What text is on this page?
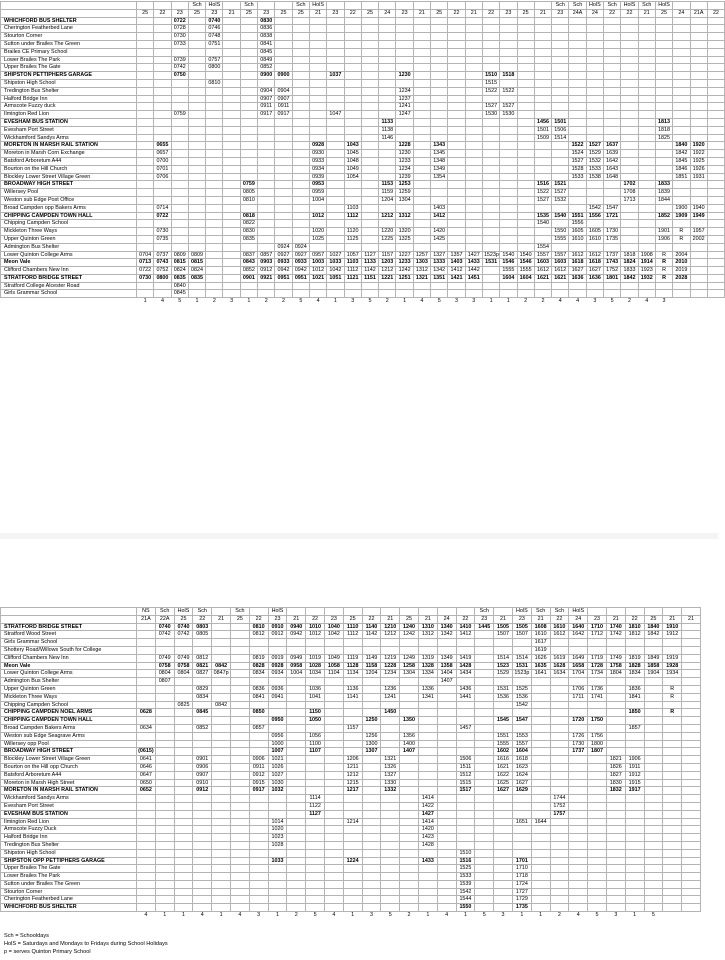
				Sch	HolS		Sch			Sch	HolS														Sch	Sch	HolS	Sch	HolS	Sch	HolS					
	25	22	23	25	23	21	25	23	25	25	21	23	22	25	24	23	21	25	22	21	22	23	25	21	23	24A	24	22	22	21	25	24	21A	22	
WHICHFORD BUS SHELTER			0722		0740			0830																											
Cherington Featherbed Lane			0728		0746			0836																											
Stourton Corner			0730		0748			0838																											
Sutton under Brailes The Green			0733		0751			0841																											
Brailes CE Primary School								0845																											
Lower Brailes The Park			0739		0757			0849																											
Upper Brailes The Gate			0742		0800			0852																											
SHIPSTON PETTIPHERS GARAGE			0750					0900	0900			1037				1230					1510	1518													
Shipston High School					0810																1515														
Tredington Bus Shelter								0904	0904							1234					1522	1522													
Halford Bridge Inn								0907	0907							1237																			
Armscote Fuzzy duck								0911	0911							1241					1527	1527													
Ilmington Red Lion			0759					0917	0917			1047				1247					1530	1530													
EVESHAM BUS STATION															1133									1456	1501						1813				
Evesham Port Street															1138									1501	1506						1818				
Wickhamford Sandys Arms															1146									1509	1514						1825				
MORETON IN MARSH RAIL STATION		0655									0928		1043			1228		1343								1522	1527	1637				1840	1920		
Moreton in Marsh Corn Exchange		0657									0930		1045			1230		1345								1524	1529	1639				1842	1922		
Batsford Arboretum A44		0700									0933		1048			1233		1348								1527	1532	1642				1845	1925		
Bourton on the Hill Church		0701									0934		1049			1234		1349								1528	1533	1643				1846	1926		
Blockley Lower Street Village Green		0706									0939		1054			1239		1354								1533	1538	1648				1851	1931		
BROADWAY HIGH STREET							0759				0953				1153	1253								1516	1521				1702		1833				
Willersey Pool							0805				0959				1159	1259								1522	1527				1708		1839				
Weston sub Edge Post Office							0810				1004				1204	1304								1527	1532				1713		1844				
Broad Campden opp Bakers Arms		0714											1103					1403									1542	1547				1900	1940		
CHIPPING CAMPDEN TOWN HALL		0722					0818				1012		1112		1212	1312		1412						1535	1540	1551	1556	1721			1852	1909	1949		
Chipping Campden School							0822																	1540		1556									
Mickleton Three Ways		0730					0830				1020		1120		1220	1320		1420							1550	1605	1605	1730			1901	R	1957		
Upper Quinton Green		0735					0835				1025		1125		1225	1325		1425							1555	1610	1610	1735			1906	R	2002		
Admington Bus Shelter									0924	0924														1554											
Lower Quinton College Arms	0704	0737	0809	0809			0837	0857	0927	0927	0957	1027	1057	1127	1157	1227	1257	1327	1357	1427	1523p	1540	1540	1557	1557	1612	1612	1737	1818	1908	R	2004			
Meon Vale	0713	0743	0815	0815			0843	0903	0933	0933	1003	1033	1103	1133	1203	1233	1303	1333	1403	1433	1531	1546	1546	1603	1603	1618	1618	1743	1824	1914	R	2010			
Clifford Chambers New Inn	0722	0752	0824	0824			0852	0912	0942	0942	1012	1042	1112	1142	1212	1242	1312	1342	1412	1442		1555	1555	1612	1612	1627	1627	1752	1833	1923	R	2019			
STRATFORD BRIDGE STREET	0730	0800	0835	0835			0901	0921	0951	0951	1021	1051	1121	1151	1221	1251	1321	1351	1421	1451		1604	1604	1621	1621	1636	1636	1801	1842	1932	R	2028			
Stratford College Alcester Road			0840																																
Girls Grammar School			0845																																
	1	4	5	1	2	3	1	2	2	5	4	1	3	5	2	1	4	5	3	3	1	1	2	2	4	4	3	5	2	4	3				
	NS	Sch	HolS	Sch		Sch		HolS											Sch		HolS	Sch	Sch	HolS						
	21A	22A	25	22	21	25	22	23	21	22	23	25	22	21	25	21	24	22	23	21	23	21	22	24	23	21	22	25	21	21
STRATFORD BRIDGE STREET		0740	0740	0803			0810	0910	0940	1010	1040	1110	1140	1210	1240	1310	1340	1410	1445	1505	1505	1608	1610	1640	1710	1740	1810	1840	1910	
Stratford Wood Street		0742	0742	0805			0812	0912	0942	1012	1042	1112	1142	1212	1242	1312	1342	1412		1507	1507	1610	1612	1642	1712	1742	1812	1842	1912	
Girls Grammar School																						1617								
Shottery Road/Willows South for College																						1619								
Clifford Chambers New Inn		0749	0749	0812			0819	0919	0949	1019	1049	1119	1149	1219	1249	1319	1349	1419		1514	1514	1626	1619	1649	1719	1749	1819	1849	1919	
Meon Vale		0758	0758	0821	0842		0828	0928	0958	1028	1058	1128	1158	1228	1258	1328	1358	1428		1523	1531	1635	1628	1658	1728	1758	1828	1858	1928	
Lower Quinton College Arms		0804	0804	0827	0847p		0834	0934	1004	1034	1104	1134	1204	1234	1304	1334	1404	1434		1529	1523p	1641	1634	1704	1734	1804	1834	1904	1934	
Admington Bus Shelter		0807															1407													
Upper Quinton Green				0829			0836	0936		1036		1136		1236		1336		1436		1531	1525			1706	1736		1836		R	
Mickleton Three Ways				0834			0841	0941		1041		1141		1241		1341		1441		1536	1536			1711	1741		1841		R	
Chipping Campden School			0825		0842																1542									
CHIPPING CAMPDEN NOEL ARMS	0628			0845			0850			1150				1450													1850		R	
CHIPPING CAMPDEN TOWN HALL								0950		1050			1250		1350					1545	1547			1720	1750					
Broad Campden Bakers Arms	0634			0852			0857					1157						1457									1857			
Weston sub Edge Seagrave Arms								0956		1056			1256		1356					1551	1553			1726	1756					
Willersey opp Pool								1000		1100			1300		1400					1555	1557			1730	1800					
BROADWAY HIGH STREET	(0615)							1007		1107			1307		1407					1602	1604			1737	1807					
Blockley Lower Street Village Green	0641			0901			0906	1021				1206		1321				1506		1616	1618					1821	1906			
Bourton on the Hill opp Church	0646			0906			0911	1026				1211		1326				1511		1621	1623					1826	1911			
Batsford Arboretum A44	0647			0907			0912	1027				1212		1327				1512		1622	1624					1827	1912			
Moreton in Marsh High Street	0650			0910			0915	1030				1215		1330				1515		1625	1627					1830	1915			
MORETON IN MARSH RAIL STATION	0652			0912			0917	1032				1217		1332				1517		1627	1629					1832	1917			
Wickhamford Sandys Arms										1114						1414							1744							
Evesham Port Street										1122						1422							1752							
EVESHAM BUS STATION										1127						1427							1757							
Ilmington Red Lion								1014				1214				1414					1651	1644								
Armscote Fuzzy Duck								1020								1420														
Halford Bridge Inn								1023								1423														
Tredington Bus Shelter								1028								1428														
Shipston High School																		1510												
SHIPSTON OPP PETTIPHERS GARAGE								1033				1224				1433		1516			1701									
Upper Brailes The Gate																		1525			1710									
Lower Brailes The Park																		1533			1718									
Sutton under Brailes The Green																		1539			1724									
Stourton Corner																		1542			1727									
Cherington Featherbed Lane																		1544			1729									
WHICHFORD BUS SHELTER																		1550			1735									
	4	1	1	4	1	4	3	1	2	5	4	1	3	5	2	1	4	1	5	3	1	1	2	4	5	3	1	5		
Sch = Schooldays
HolS = Saturdays and Mondays to Fridays during School Holidays
p = serves Quinton Primary School
